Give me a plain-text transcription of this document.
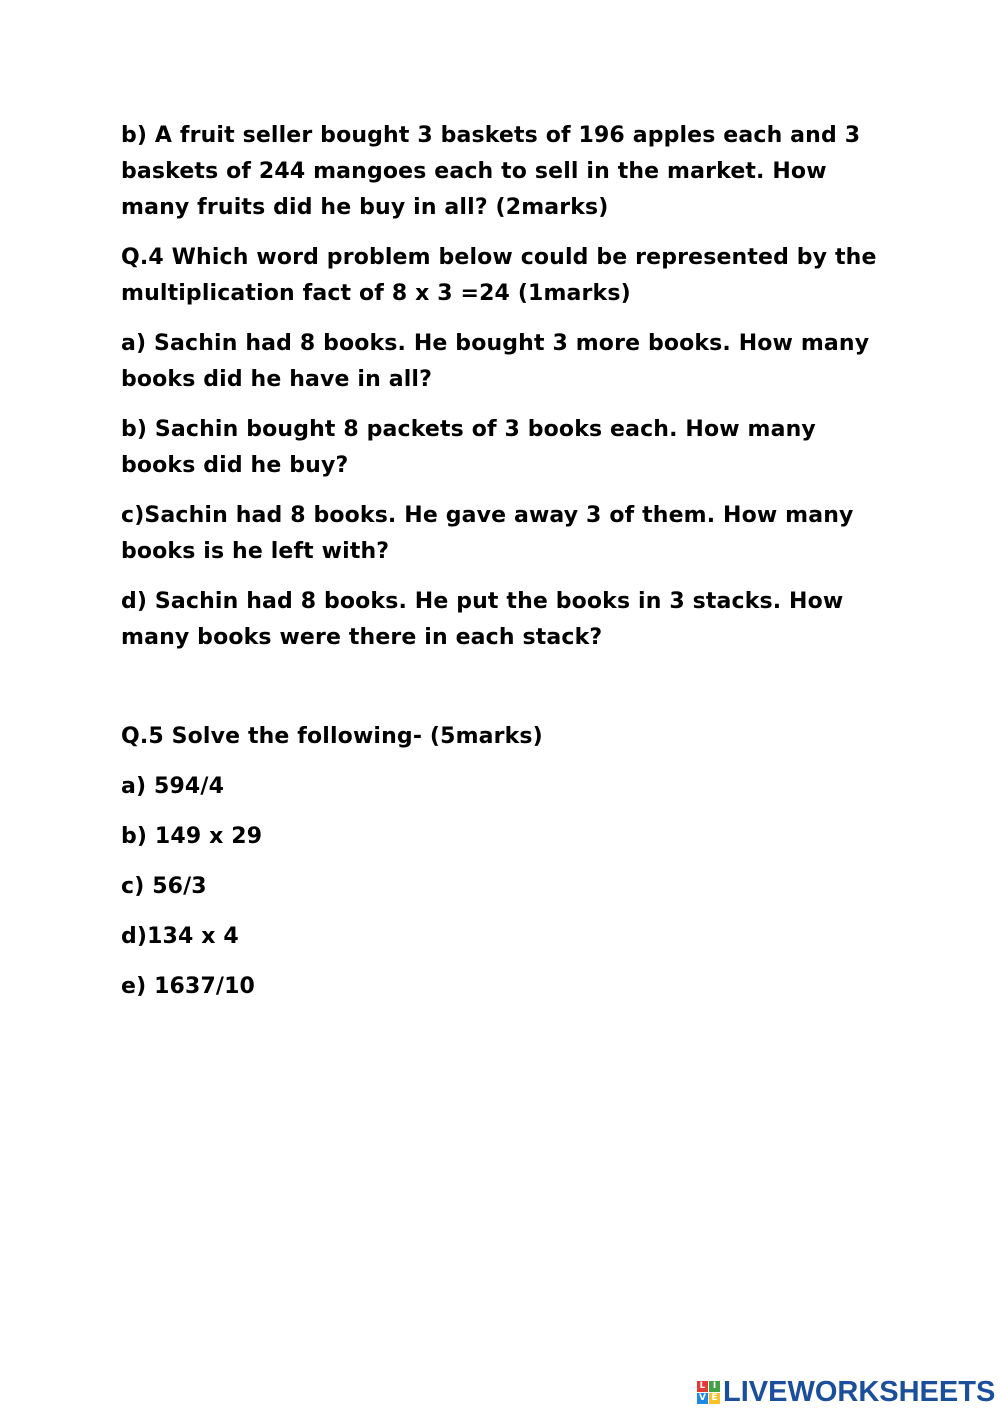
b) A fruit seller bought 3 baskets of 196 apples each and 3 baskets of 244 mangoes each to sell in the market. How many fruits did he buy in all? (2marks)

Q.4 Which word problem below could be represented by the multiplication fact of 8 x 3 =24 (1marks)

a) Sachin had 8 books. He bought 3 more books. How many books did he have in all?

b) Sachin bought 8 packets of 3 books each. How many books did he buy?

c)Sachin had 8 books. He gave away 3 of them. How many books is he left with?

d) Sachin had 8 books. He put the books in 3 stacks. How many books were there in each stack?

Q.5 Solve the following- (5marks)

a) 594/4

b) 149 x 29

c) 56/3

d)134 x 4

e) 1637/10

L I
V E LIVEWORKSHEETS
